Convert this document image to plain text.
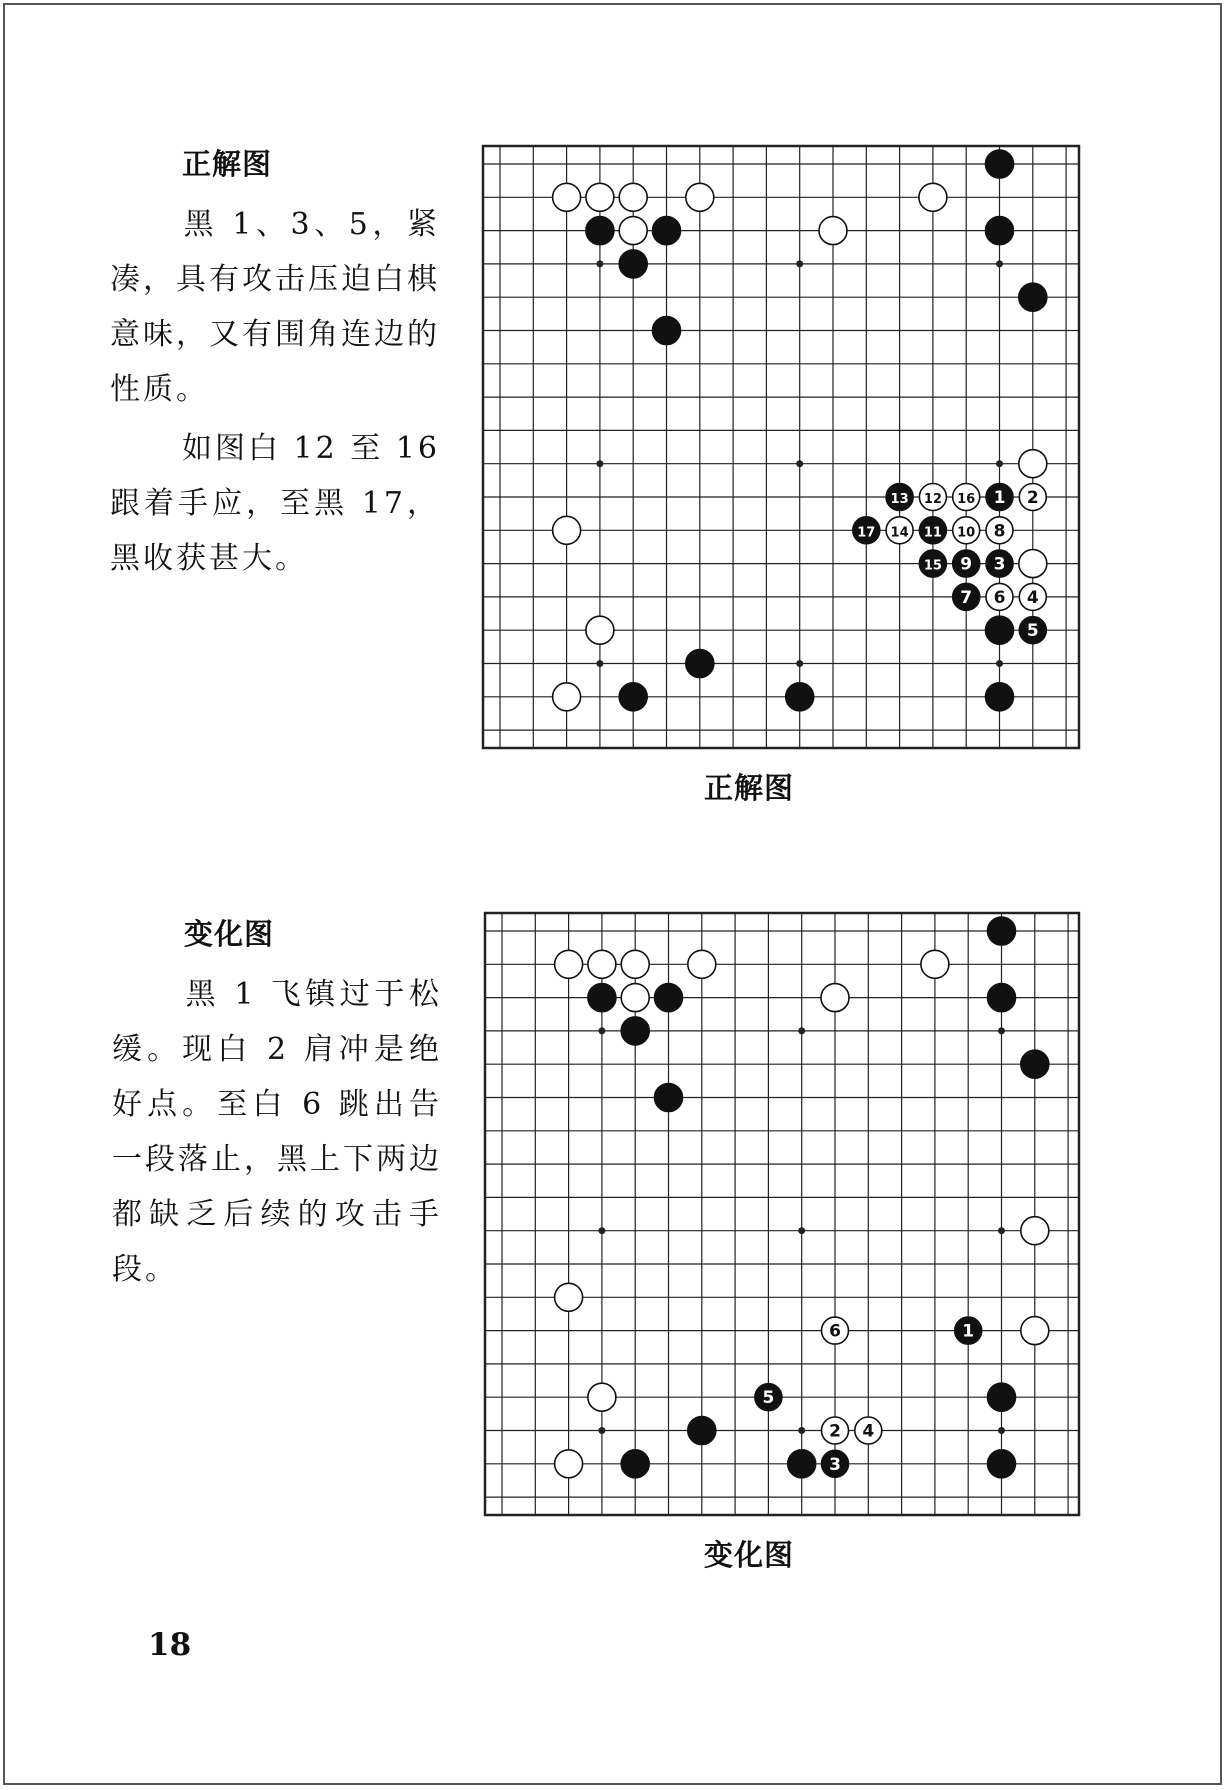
正解图

黑 1、3、5，紧凑，具有攻击压迫白棋意味，又有围角连边的性质。

如图白 12 至 16 跟着手应，至黑 17，黑收获甚大。

13 12 16 1 2
17 14 11 10 8
15 9 3
7 6 4
5
6	1
5
2 4
3
正解图
变化图

黑 1 飞镇过于松缓。现白 2 肩冲是绝好点。至白 6 跳出告一段落止，黑上下两边都缺乏后续的攻击手段。

变化图
18
